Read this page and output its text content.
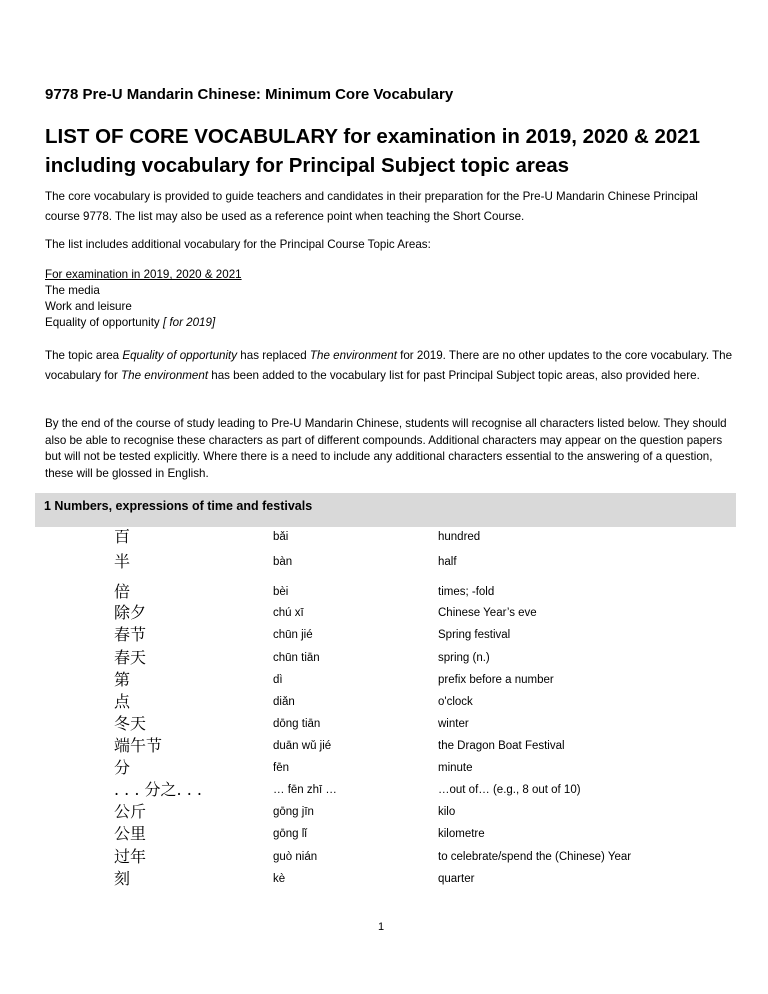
9778 Pre-U Mandarin Chinese: Minimum Core Vocabulary
LIST OF CORE VOCABULARY for examination in 2019, 2020 & 2021 including vocabulary for Principal Subject topic areas
The core vocabulary is provided to guide teachers and candidates in their preparation for the Pre-U Mandarin Chinese Principal course 9778. The list may also be used as a reference point when teaching the Short Course.
The list includes additional vocabulary for the Principal Course Topic Areas:
For examination in 2019, 2020 & 2021
The media
Work and leisure
Equality of opportunity [ for 2019]
The topic area Equality of opportunity has replaced The environment for 2019. There are no other updates to the core vocabulary. The vocabulary for The environment has been added to the vocabulary list for past Principal Subject topic areas, also provided here.
By the end of the course of study leading to Pre-U Mandarin Chinese, students will recognise all characters listed below. They should also be able to recognise these characters as part of different compounds. Additional characters may appear on the question papers but will not be tested explicitly. Where there is a need to include any additional characters essential to the answering of a question, these will be glossed in English.
1 Numbers, expressions of time and festivals
百	bǎi	hundred
半	bàn	half
倍	bèi	times; -fold
除夕	chú xī	Chinese Year’s eve
春节	chūn jié	Spring festival
春天	chūn tiān	spring (n.)
第	dì	prefix before a number
点	diǎn	o'clock
冬天	dōng tiān	winter
端午节	duān wǔ jié	the Dragon Boat Festival
分	fēn	minute
. . . 分之. . .	… fēn zhī …	…out of… (e.g., 8 out of 10)
公斤	gōng jīn	kilo
公里	gōng lǐ	kilometre
过年	guò nián	to celebrate/spend the (Chinese) Year
刻	kè	quarter
1
